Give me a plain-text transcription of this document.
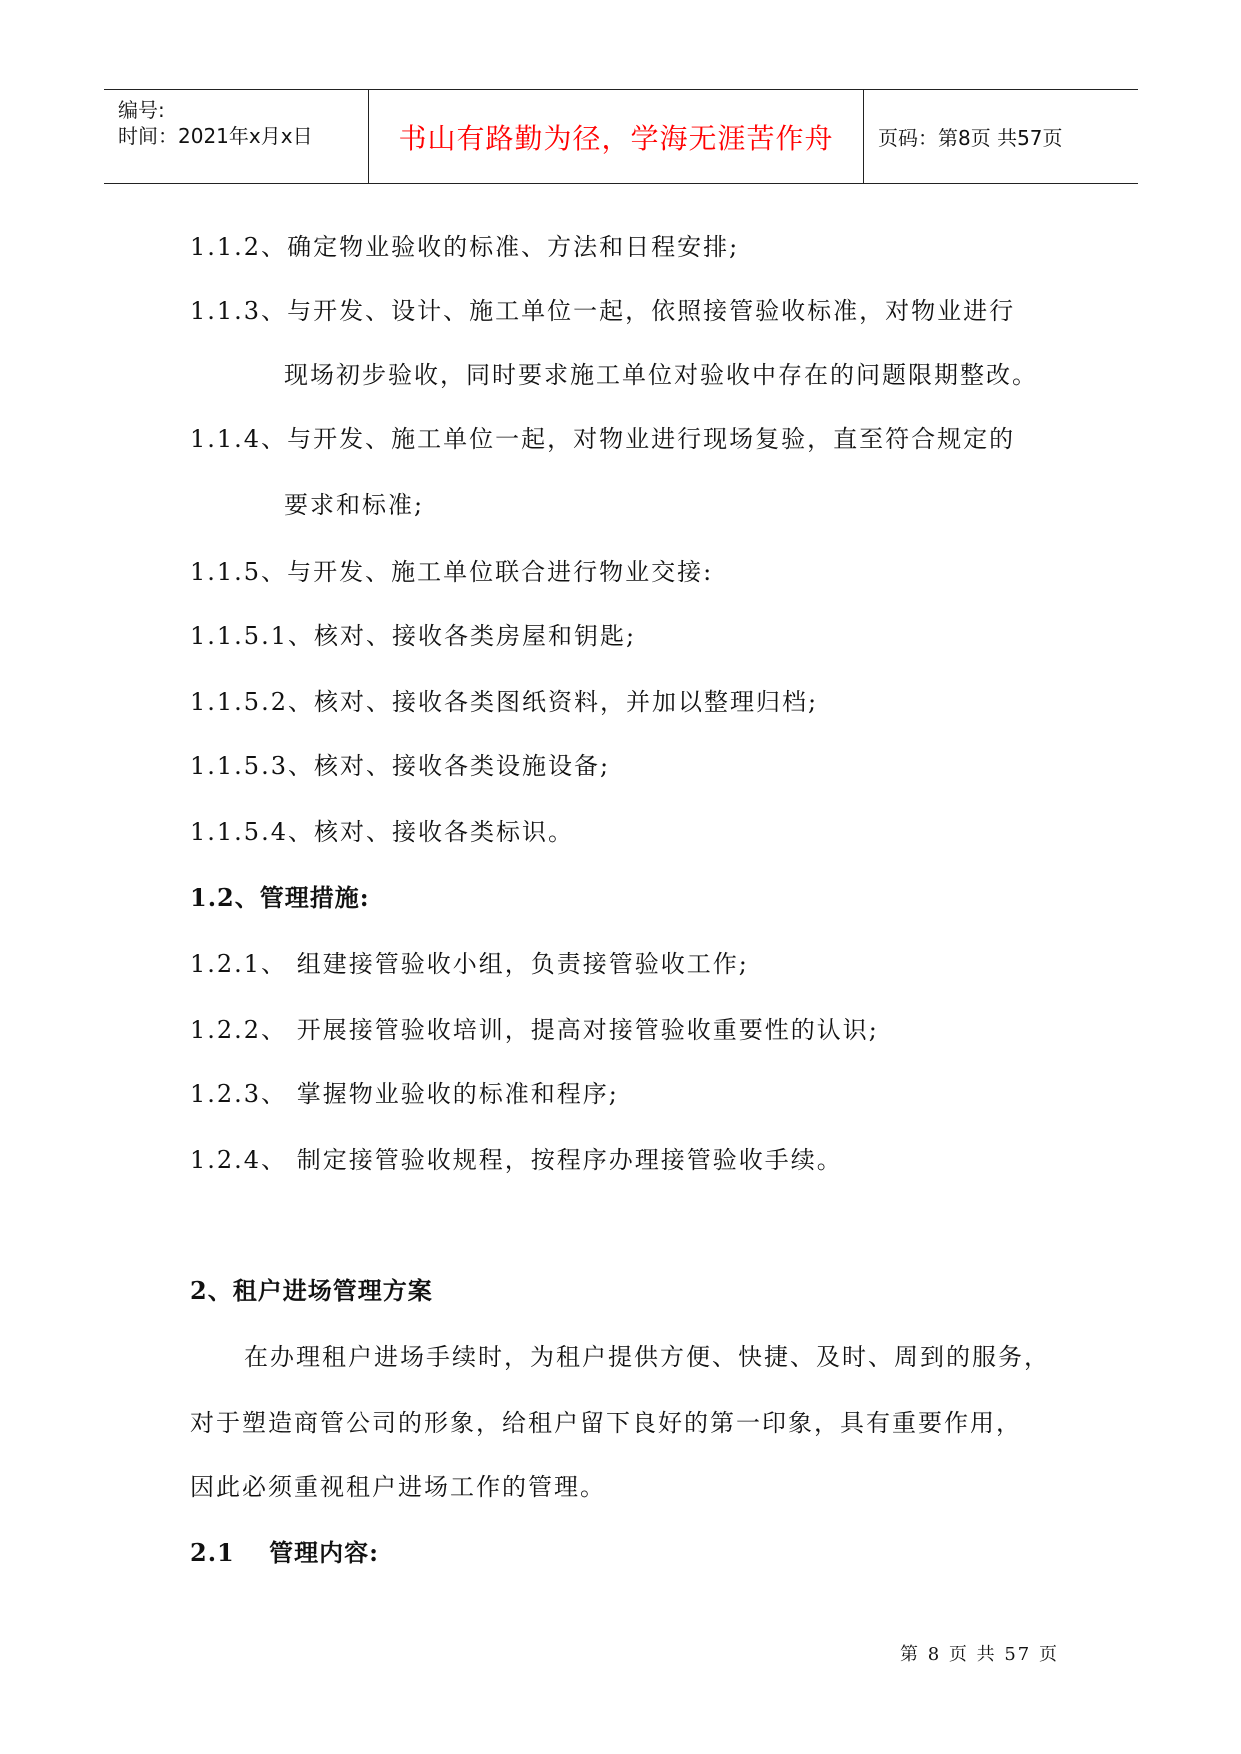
编号:
时间：2021年x月x日	书山有路勤为径，学海无涯苦作舟	页码：第8页 共57页
1.1.2、确定物业验收的标准、方法和日程安排;
1.1.3、与开发、设计、施工单位一起，依照接管验收标准，对物业进行
现场初步验收，同时要求施工单位对验收中存在的问题限期整改。
1.1.4、与开发、施工单位一起，对物业进行现场复验，直至符合规定的
要求和标准;
1.1.5、与开发、施工单位联合进行物业交接:
1.1.5.1、核对、接收各类房屋和钥匙;
1.1.5.2、核对、接收各类图纸资料，并加以整理归档;
1.1.5.3、核对、接收各类设施设备;
1.1.5.4、核对、接收各类标识。
1.2、管理措施:
1.2.1、 组建接管验收小组，负责接管验收工作;
1.2.2、 开展接管验收培训，提高对接管验收重要性的认识;
1.2.3、 掌握物业验收的标准和程序;
1.2.4、 制定接管验收规程，按程序办理接管验收手续。
2、租户进场管理方案
在办理租户进场手续时，为租户提供方便、快捷、及时、周到的服务，
对于塑造商管公司的形象，给租户留下良好的第一印象，具有重要作用，
因此必须重视租户进场工作的管理。
2.1　 管理内容:
第 8 页 共 57 页
